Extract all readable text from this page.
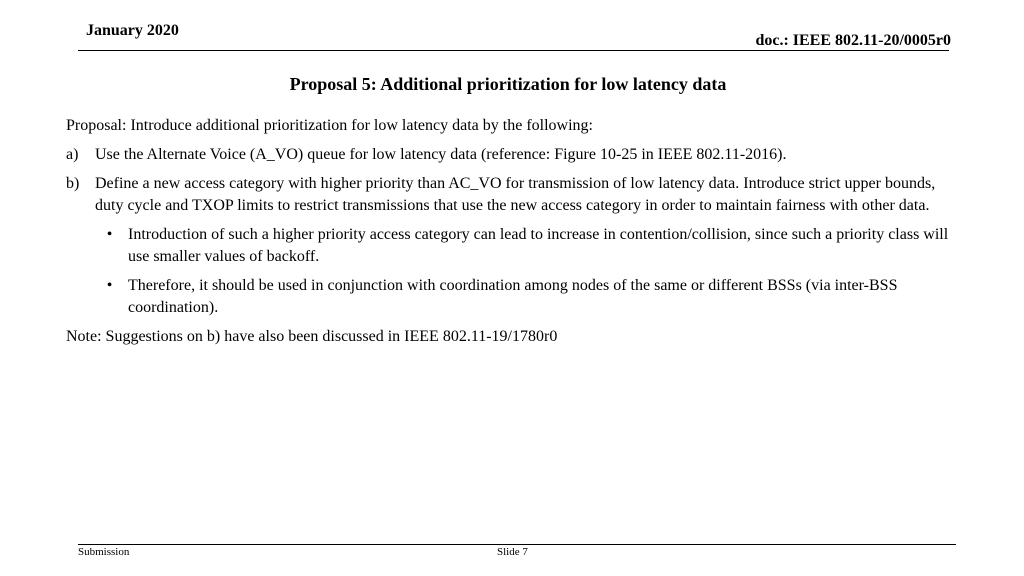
January 2020
doc.: IEEE 802.11-20/0005r0
Proposal 5: Additional prioritization for low latency data

Proposal: Introduce additional prioritization for low latency data by the following:

a)	Use the Alternate Voice (A_VO) queue for low latency data (reference: Figure 10-25 in IEEE 802.11-2016).
b) Define a new access category with higher priority than AC_VO for transmission of low latency data. Introduce strict upper bounds, duty cycle and TXOP limits to restrict transmissions that use the new access category in order to maintain fairness with other data.
• Introduction of such a higher priority access category can lead to increase in contention/collision, since such a priority class will use smaller values of backoff.
• Therefore, it should be used in conjunction with coordination among nodes of the same or different BSSs (via inter-BSS coordination).

Note: Suggestions on b) have also been discussed in IEEE 802.11-19/1780r0

Submission	Slide 7
